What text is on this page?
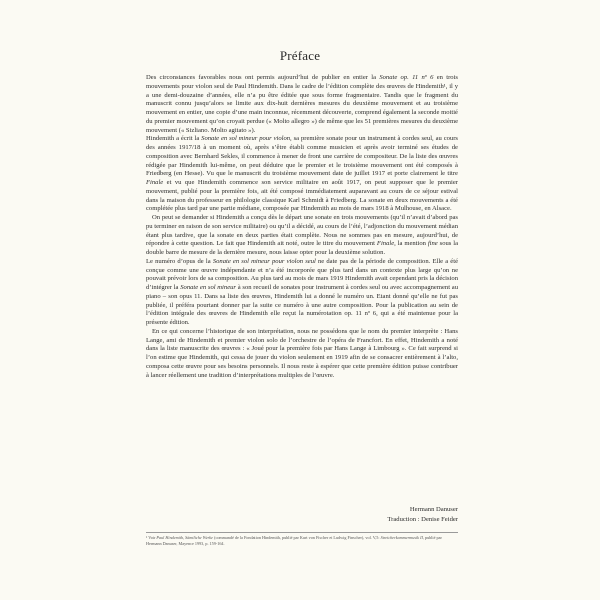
Préface

Des circonstances favorables nous ont permis aujourd’hui de publier en entier la Sonate op. 11 nº 6 en trois mouvements pour violon seul de Paul Hindemith. Dans le cadre de l’édition complète des œuvres de Hindemith¹, il y a une demi-douzaine d’années, elle n’a pu être éditée que sous forme fragmentaire. Tandis que le fragment du manuscrit connu jusqu’alors se limite aux dix-huit dernières mesures du deuxième mouvement et au troisième mouvement en entier, une copie d’une main inconnue, récemment découverte, comprend également la seconde moitié du premier mouvement qu’on croyait perdue (« Molto allegro ») de même que les 51 premières mesures du deuxième mouvement (« Sizliano. Molto agitato »).

Hindemith a écrit la Sonate en sol mineur pour violon, sa première sonate pour un instrument à cordes seul, au cours des années 1917/18 à un moment où, après s’être établi comme musicien et après avoir terminé ses études de composition avec Bernhard Sekles, il commence à mener de front une carrière de compositeur. De la liste des œuvres rédigée par Hindemith lui-même, on peut déduire que le premier et le troisième mouvement ont été composés à Friedberg (en Hesse). Vu que le manuscrit du troisième mouvement date de juillet 1917 et porte clairement le titre Finale et vu que Hindemith commence son service militaire en août 1917, on peut supposer que le premier mouvement, publié pour la première fois, ait été composé immédiatement auparavant au cours de ce séjour estival dans la maison du professeur en philologie classique Karl Schmidt à Friedberg. La sonate en deux mouvements a été complétée plus tard par une partie médiane, composée par Hindemith au mois de mars 1918 à Mulhouse, en Alsace.

On peut se demander si Hindemith a conçu dès le départ une sonate en trois mouvements (qu’il n’avait d’abord pas pu terminer en raison de son service militaire) ou qu’il a décidé, au cours de l’été, l’adjonction du mouvement médian étant plus tardive, que la sonate en deux parties était complète. Nous ne sommes pas en mesure, aujourd’hui, de répondre à cette question. Le fait que Hindemith ait noté, outre le titre du mouvement Finale, la mention fine sous la double barre de mesure de la dernière mesure, nous laisse opter pour la deuxième solution.

Le numéro d’opus de la Sonate en sol mineur pour violon seul ne date pas de la période de composition. Elle a été conçue comme une œuvre indépendante et n’a été incorporée que plus tard dans un contexte plus large qu’on ne pouvait prévoir lors de sa composition. Au plus tard au mois de mars 1919 Hindemith avait cependant pris la décision d’intégrer la Sonate en sol mineur à son recueil de sonates pour instrument à cordes seul ou avec accompagnement au piano – son opus 11. Dans sa liste des œuvres, Hindemith lui a donné le numéro un. Etant donné qu’elle ne fut pas publiée, il préféra pourtant donner par la suite ce numéro à une autre composition. Pour la publication au sein de l’édition intégrale des œuvres de Hindemith elle reçut la numérotation op. 11 nº 6, qui a été maintenue pour la présente édition.

En ce qui concerne l’historique de son interprétation, nous ne possédons que le nom du premier interprète : Hans Lange, ami de Hindemith et premier violon solo de l’orchestre de l’opéra de Francfort. En effet, Hindemith a noté dans la liste manuscrite des œuvres : « Joué pour la première fois par Hans Lange à Limbourg ». Ce fait surprend si l’on estime que Hindemith, qui cessa de jouer du violon seulement en 1919 afin de se consacrer entièrement à l’alto, composa cette œuvre pour ses besoins personnels. Il nous reste à espérer que cette première édition puisse contribuer à lancer réellement une tradition d’interprétations multiples de l’œuvre.

Hermann Danuser
Traduction : Denise Feider
¹ Voir Paul Hindemith, Sämtliche Werke (commandé de la Fondation Hindemith, publié par Kurt von Fischer et Ludwig Finscher), vol. V,5: Streicherkammermusik II, publié par Hermann Danuser, Mayence 1993, p. 159-164.
